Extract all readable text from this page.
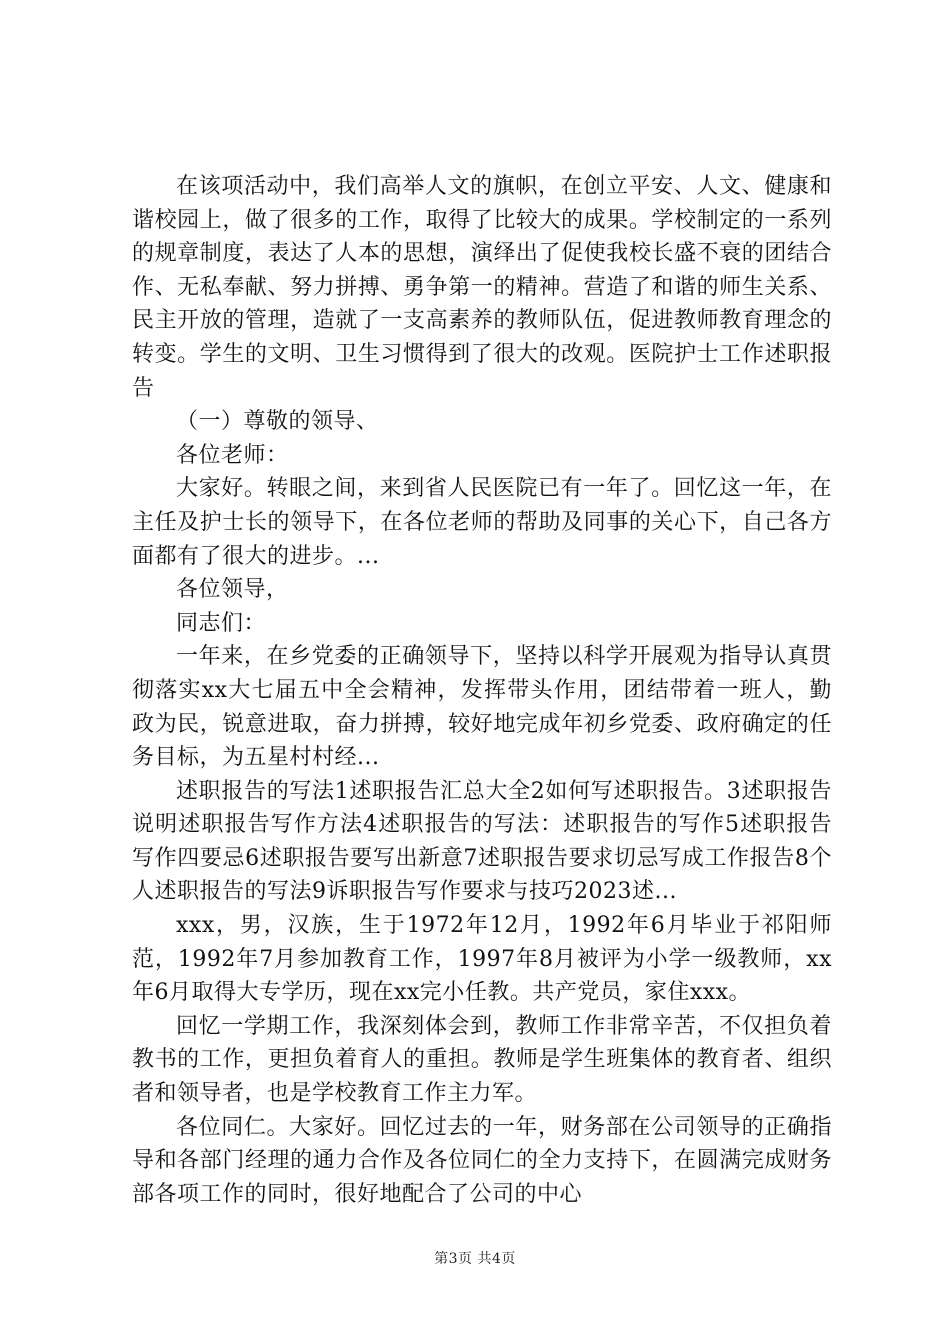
在该项活动中，我们高举人文的旗帜，在创立平安、人文、健康和谐校园上，做了很多的工作，取得了比较大的成果。学校制定的一系列的规章制度，表达了人本的思想，演绎出了促使我校长盛不衰的团结合作、无私奉献、努力拼搏、勇争第一的精神。营造了和谐的师生关系、民主开放的管理，造就了一支高素养的教师队伍，促进教师教育理念的转变。学生的文明、卫生习惯得到了很大的改观。医院护士工作述职报告

（一）尊敬的领导、

各位老师：

大家好。转眼之间，来到省人民医院已有一年了。回忆这一年，在主任及护士长的领导下，在各位老师的帮助及同事的关心下，自己各方面都有了很大的进步。...

各位领导，

同志们：

一年来，在乡党委的正确领导下，坚持以科学开展观为指导认真贯彻落实xx大七届五中全会精神，发挥带头作用，团结带着一班人，勤政为民，锐意进取，奋力拼搏，较好地完成年初乡党委、政府确定的任务目标，为五星村村经...

述职报告的写法1述职报告汇总大全2如何写述职报告。3述职报告说明述职报告写作方法4述职报告的写法：述职报告的写作5述职报告写作四要忌6述职报告要写出新意7述职报告要求切忌写成工作报告8个人述职报告的写法9诉职报告写作要求与技巧2023述...

xxx，男，汉族，生于1972年12月，1992年6月毕业于祁阳师范，1992年7月参加教育工作，1997年8月被评为小学一级教师，xx年6月取得大专学历，现在xx完小任教。共产党员，家住xxx。

回忆一学期工作，我深刻体会到，教师工作非常辛苦，不仅担负着教书的工作，更担负着育人的重担。教师是学生班集体的教育者、组织者和领导者，也是学校教育工作主力军。

各位同仁。大家好。回忆过去的一年，财务部在公司领导的正确指导和各部门经理的通力合作及各位同仁的全力支持下，在圆满完成财务部各项工作的同时，很好地配合了公司的中心

第3页 共4页
